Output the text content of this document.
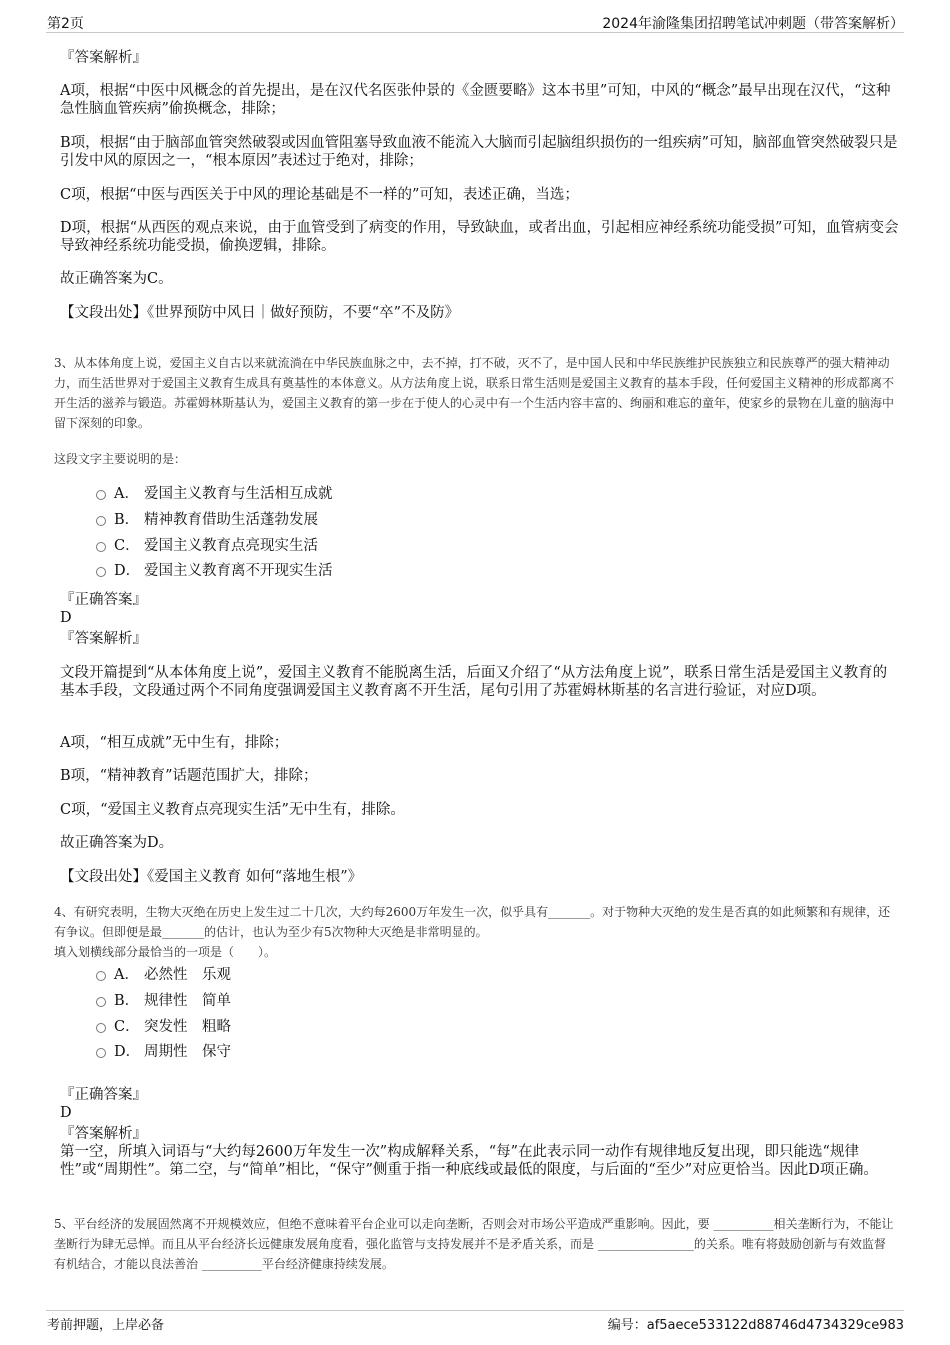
第2页	2024年渝隆集团招聘笔试冲刺题（带答案解析）
『答案解析』
A项，根据“中医中风概念的首先提出，是在汉代名医张仲景的《金匮要略》这本书里”可知，中风的“概念”最早出现在汉代，“这种急性脑血管疾病”偷换概念，排除；
B项，根据“由于脑部血管突然破裂或因血管阻塞导致血液不能流入大脑而引起脑组织损伤的一组疾病”可知，脑部血管突然破裂只是引发中风的原因之一，“根本原因”表述过于绝对，排除；
C项，根据“中医与西医关于中风的理论基础是不一样的”可知，表述正确，当选；
D项，根据“从西医的观点来说，由于血管受到了病变的作用，导致缺血，或者出血，引起相应神经系统功能受损”可知，血管病变会导致神经系统功能受损，偷换逻辑，排除。
故正确答案为C。
【文段出处】《世界预防中风日｜做好预防，不要“卒”不及防》
3、从本体角度上说，爱国主义自古以来就流淌在中华民族血脉之中，去不掉，打不破，灭不了，是中国人民和中华民族维护民族独立和民族尊严的强大精神动力，而生活世界对于爱国主义教育生成具有奠基性的本体意义。从方法角度上说，联系日常生活则是爱国主义教育的基本手段，任何爱国主义精神的形成都离不开生活的滋养与锻造。苏霍姆林斯基认为，爱国主义教育的第一步在于使人的心灵中有一个生活内容丰富的、绚丽和难忘的童年，使家乡的景物在儿童的脑海中留下深刻的印象。
这段文字主要说明的是：
A． 爱国主义教育与生活相互成就
B． 精神教育借助生活蓬勃发展
C． 爱国主义教育点亮现实生活
D． 爱国主义教育离不开现实生活
『正确答案』
D
『答案解析』
文段开篇提到“从本体角度上说”，爱国主义教育不能脱离生活，后面又介绍了“从方法角度上说”，联系日常生活是爱国主义教育的基本手段，文段通过两个不同角度强调爱国主义教育离不开生活，尾句引用了苏霍姆林斯基的名言进行验证，对应D项。
A项，“相互成就”无中生有，排除；
B项，“精神教育”话题范围扩大，排除；
C项，“爱国主义教育点亮现实生活”无中生有，排除。
故正确答案为D。
【文段出处】《爱国主义教育 如何“落地生根”》
4、有研究表明，生物大灭绝在历史上发生过二十几次，大约每2600万年发生一次，似乎具有_______。对于物种大灭绝的发生是否真的如此频繁和有规律，还有争议。但即便是最_______的估计，也认为至少有5次物种大灭绝是非常明显的。
填入划横线部分最恰当的一项是（　　）。
A． 必然性　乐观
B． 规律性　简单
C． 突发性　粗略
D． 周期性　保守
『正确答案』
D
『答案解析』
第一空，所填入词语与“大约每2600万年发生一次”构成解释关系，“每”在此表示同一动作有规律地反复出现，即只能选“规律性”或“周期性”。第二空，与“简单”相比，“保守”侧重于指一种底线或最低的限度，与后面的“至少”对应更恰当。因此D项正确。
5、平台经济的发展固然离不开规模效应，但绝不意味着平台企业可以走向垄断，否则会对市场公平造成严重影响。因此，要 __________相关垄断行为，不能让垄断行为肆无忌惮。而且从平台经济长远健康发展角度看，强化监管与支持发展并不是矛盾关系，而是 ________________的关系。唯有将鼓励创新与有效监督有机结合，才能以良法善治 __________平台经济健康持续发展。
考前押题，上岸必备	编号：af5aece533122d88746d4734329ce983
